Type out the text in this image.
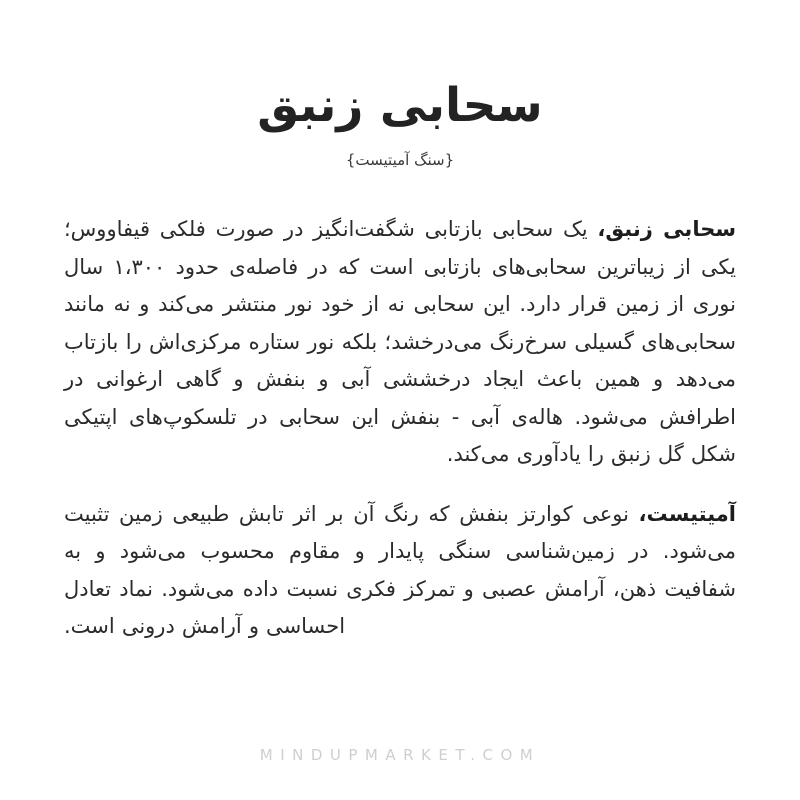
سحابی زنبق
{سنگ آمیتیست}

سحابی زنبق، یک سحابی بازتابی شگفت‌انگیز در صورت فلکی قیفاووس؛ یکی از زیباترین سحابی‌های بازتابی است که در فاصله‌ی حدود ۱،۳۰۰ سال نوری از زمین قرار دارد. این سحابی نه از خود نور منتشر می‌کند و نه مانند سحابی‌های گسیلی سرخ‌رنگ می‌درخشد؛ بلکه نور ستاره مرکزی‌اش را بازتاب می‌دهد و همین باعث ایجاد درخششی آبی و بنفش و گاهی ارغوانی در اطرافش می‌شود. هاله‌ی آبی - بنفش این سحابی در تلسکوپ‌های اپتیکی شکل گل زنبق را یادآوری می‌کند.

آمیتیست، نوعی کوارتز بنفش که رنگ آن بر اثر تابش طبیعی زمین تثبیت می‌شود. در زمین‌شناسی سنگی پایدار و مقاوم محسوب می‌شود و به شفافیت ذهن، آرامش عصبی و تمرکز فکری نسبت داده می‌شود. نماد تعادل احساسی و آرامش درونی است.

MINDUPMARKET.COM
